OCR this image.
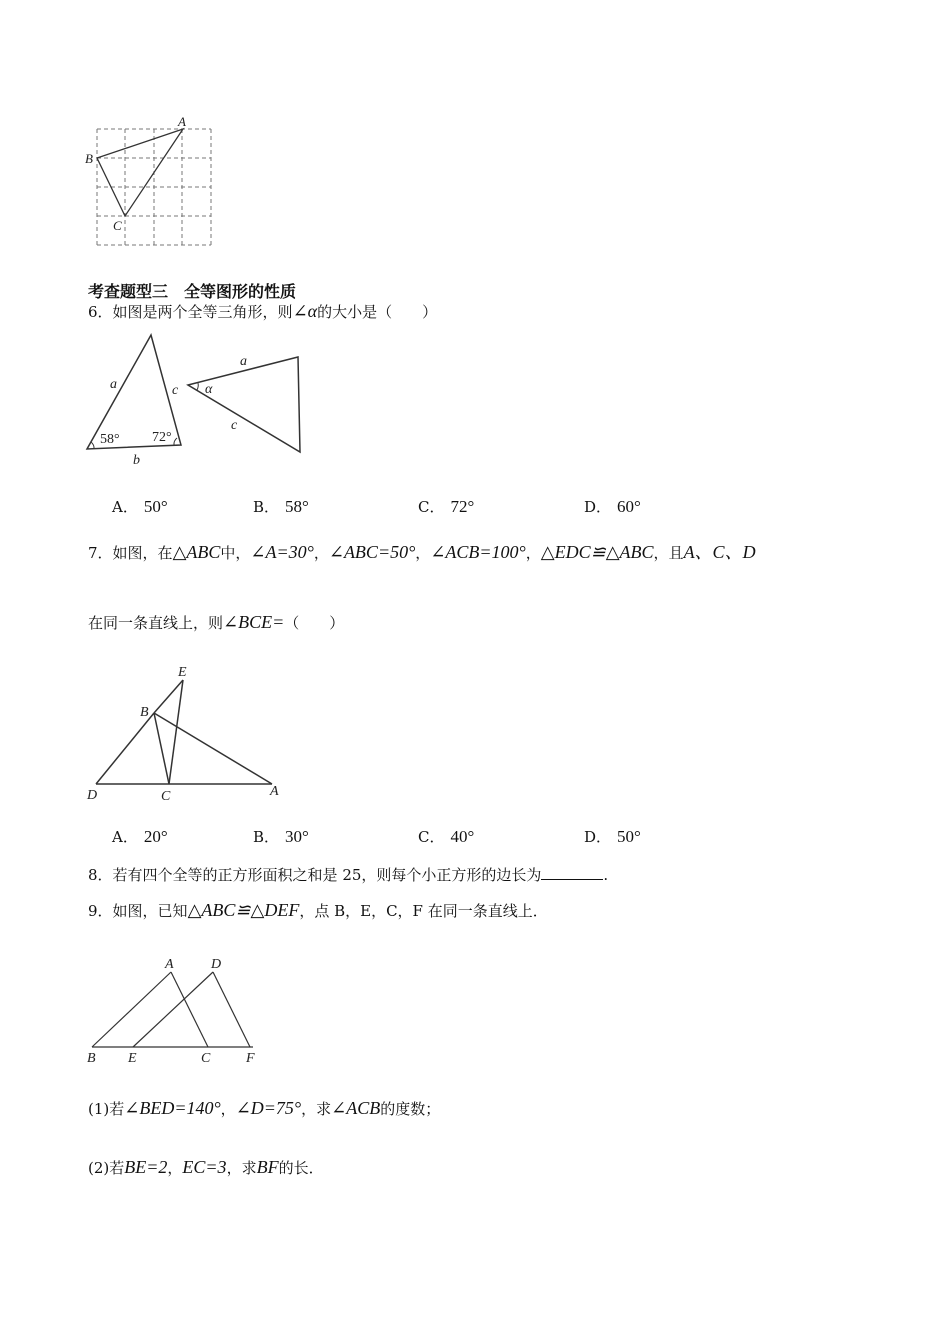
A
B
C
考查题型三　全等图形的性质
6．如图是两个全等三角形，则∠α的大小是（　　）
a	c
b
58° 72°
a
c
α
A． 50°	B． 58°	C． 72°	D． 60°
7．如图，在△ABC中，∠A=30°，∠ABC=50°，∠ACB=100°，△EDC≌△ABC，且A、C、D
在同一条直线上，则∠BCE=（　　）
E
B
D	C	A
A． 20°	B． 30°	C． 40°	D． 50°
8．若有四个全等的正方形面积之和是 25，则每个小正方形的边长为	.
9．如图，已知△ABC≌△DEF，点 B，E，C，F 在同一条直线上．
A	D
B E	C	F
(1)若∠BED=140°，∠D=75°，求∠ACB的度数；
(2)若BE=2，EC=3，求BF的长．
